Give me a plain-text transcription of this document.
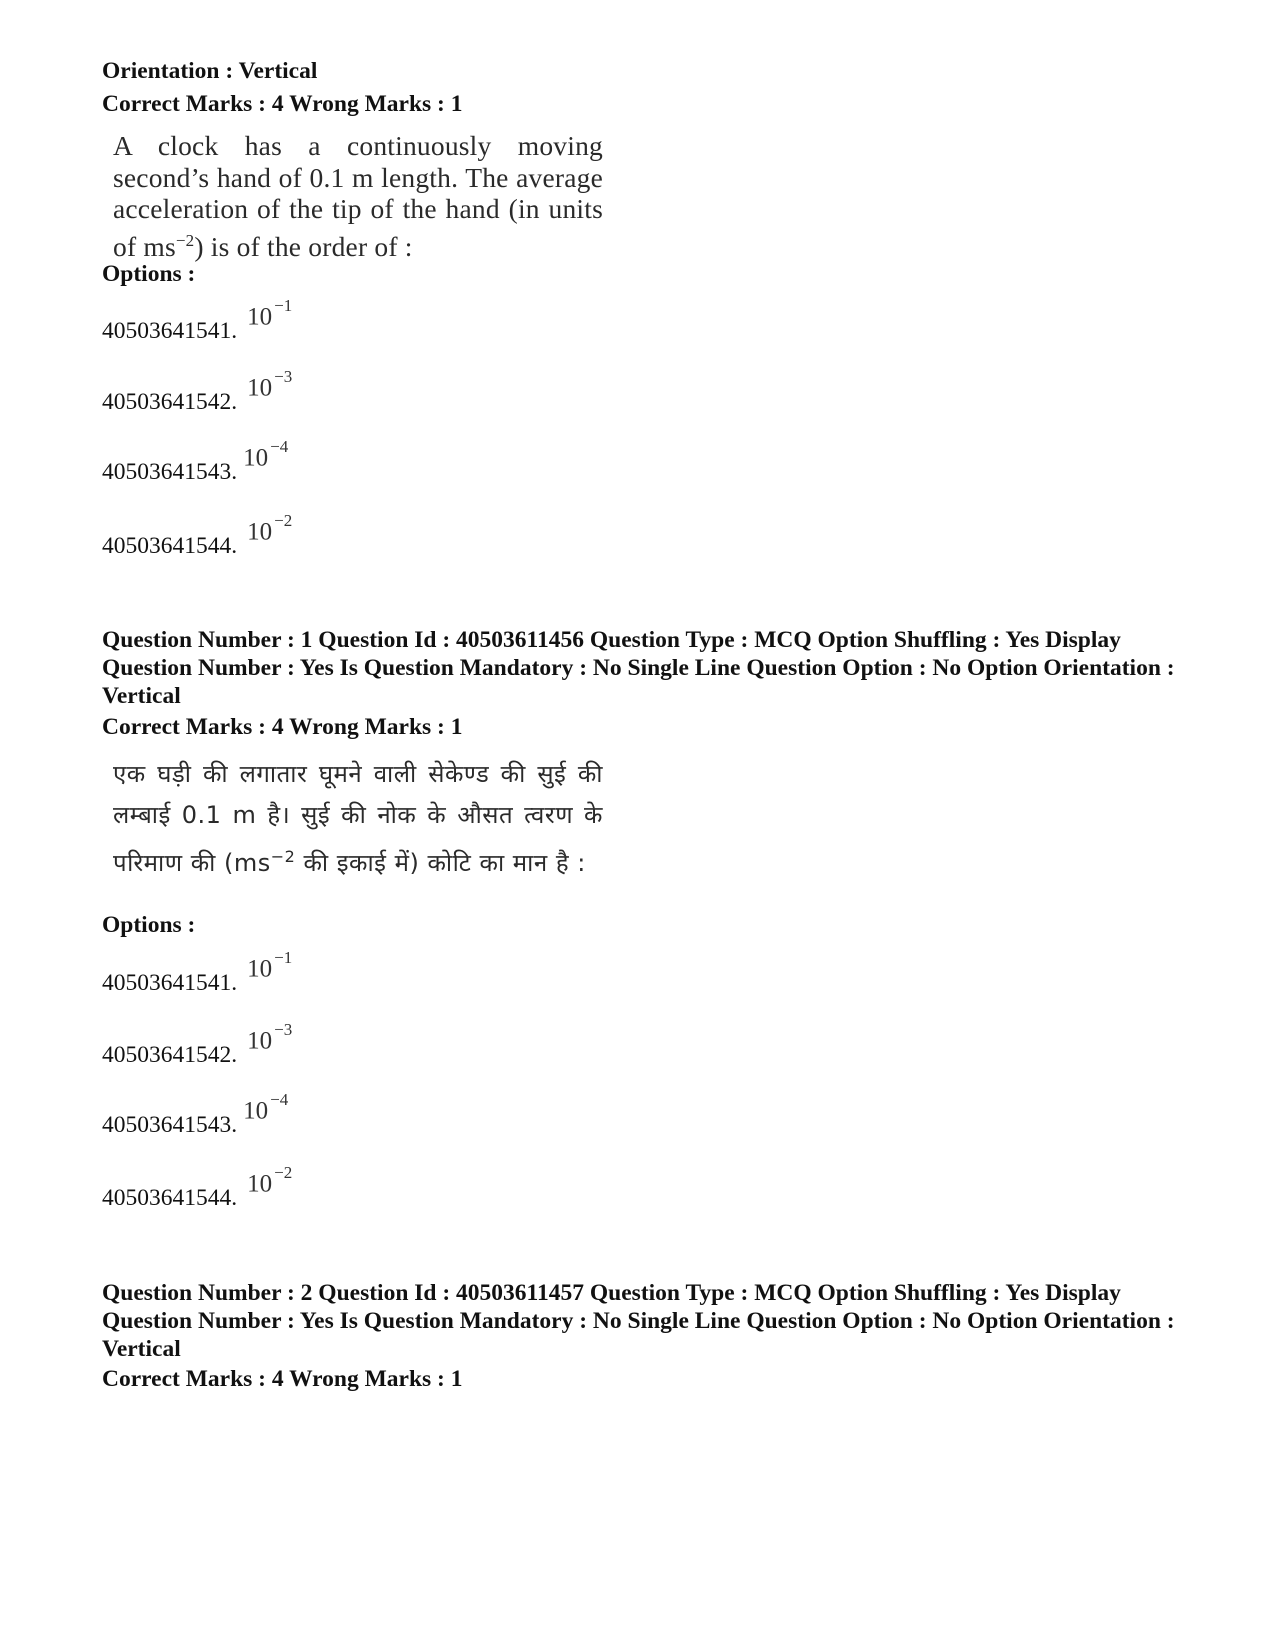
Orientation : Vertical
Correct Marks : 4 Wrong Marks : 1
A clock has a continuously moving second’s hand of 0.1 m length. The average acceleration of the tip of the hand (in units of $ms^{-2}$) is of the order of :
Options :
40503641541.10 $^{-1}$
40503641542.10 $^{-3}$
40503641543.10 $^{-4}$
40503641544.10 $^{-2}$
Question Number : 1 Question Id : 40503611456 Question Type : MCQ Option Shuffling : Yes Display Question Number : Yes Is Question Mandatory : No Single Line Question Option : No Option Orientation : Vertical
Correct Marks : 4 Wrong Marks : 1
एक घड़ी की लगातार घूमने वाली सेकेण्ड की सुई की लम्बाई 0.1 m है। सुई की नोक के औसत त्वरण के परिमाण की ($ms^{-2}$ की इकाई में) कोटि का मान है :
Options :
40503641541.10 $^{-1}$
40503641542.10 $^{-3}$
40503641543.10 $^{-4}$
40503641544.10 $^{-2}$
Question Number : 2 Question Id : 40503611457 Question Type : MCQ Option Shuffling : Yes Display Question Number : Yes Is Question Mandatory : No Single Line Question Option : No Option Orientation : Vertical
Correct Marks : 4 Wrong Marks : 1
